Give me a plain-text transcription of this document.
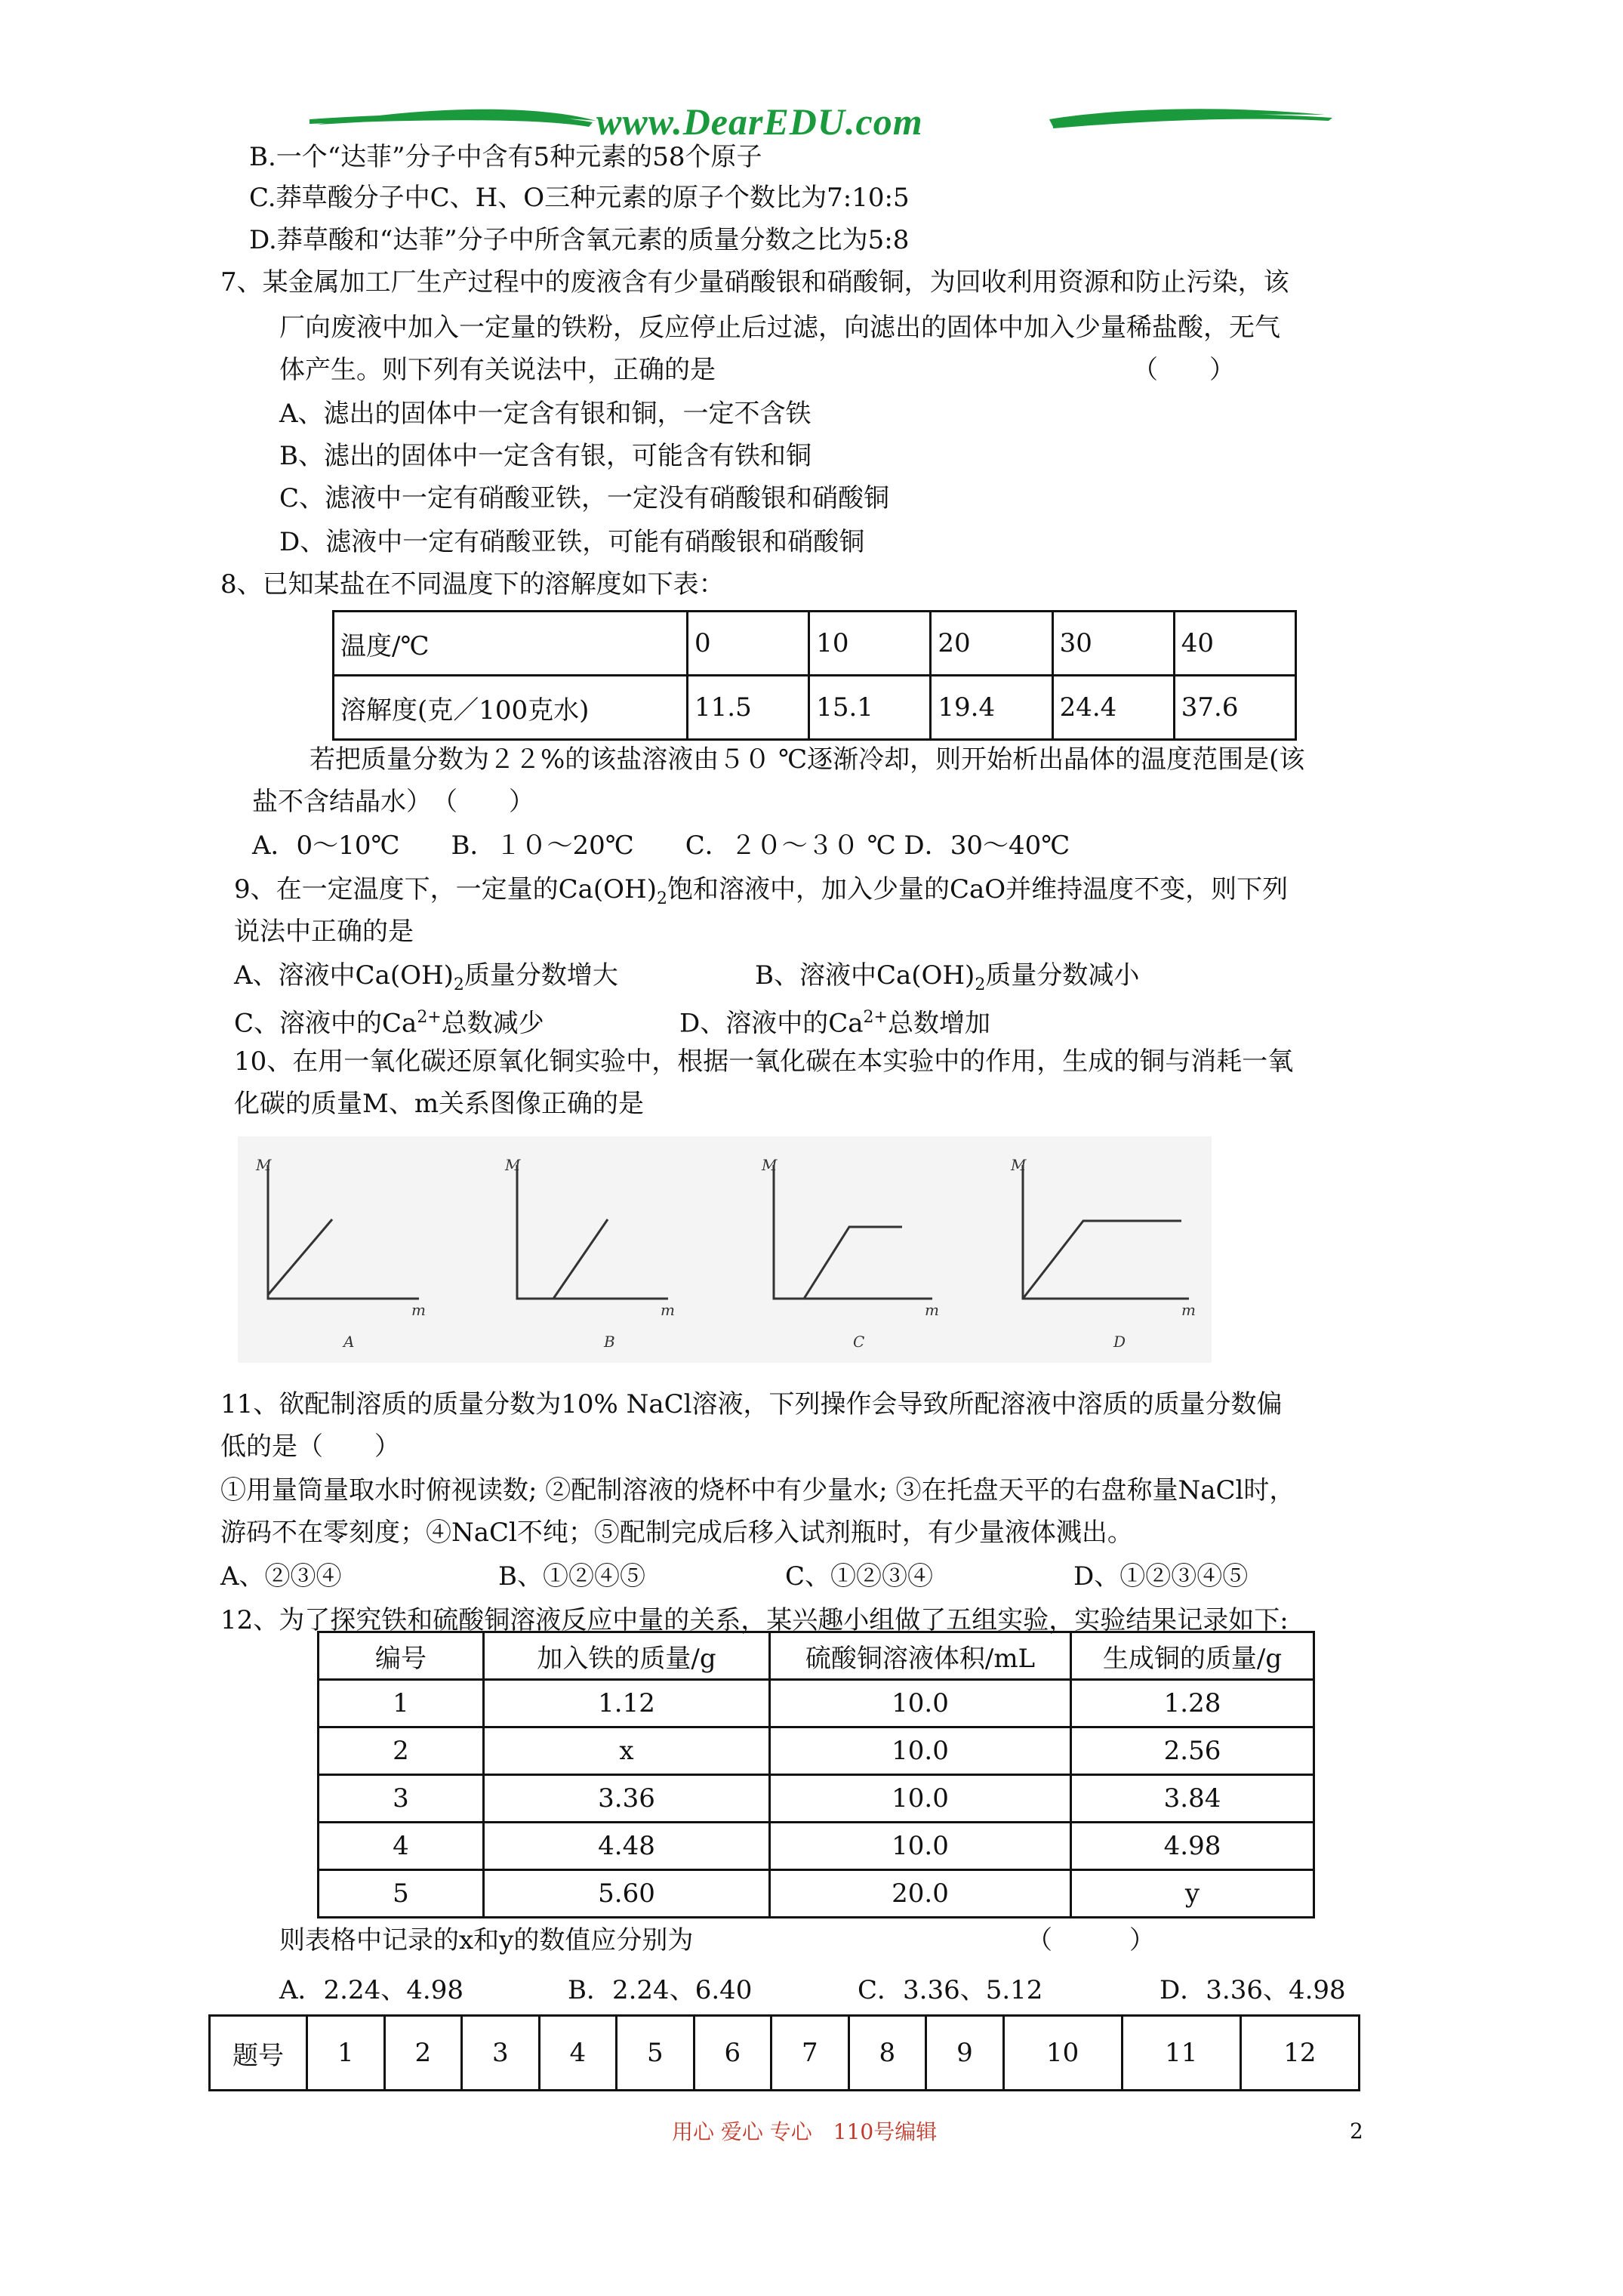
www.DearEDU.com
B.一个“达菲”分子中含有5种元素的58个原子
C.莽草酸分子中C、H、O三种元素的原子个数比为7:10:5
D.莽草酸和“达菲”分子中所含氧元素的质量分数之比为5:8
7、某金属加工厂生产过程中的废液含有少量硝酸银和硝酸铜，为回收利用资源和防止污染，该
厂向废液中加入一定量的铁粉，反应停止后过滤，向滤出的固体中加入少量稀盐酸，无气
体产生。则下列有关说法中，正确的是	（　　）
A、滤出的固体中一定含有银和铜，一定不含铁
B、滤出的固体中一定含有银，可能含有铁和铜
C、滤液中一定有硝酸亚铁，一定没有硝酸银和硝酸铜
D、滤液中一定有硝酸亚铁，可能有硝酸银和硝酸铜
8、已知某盐在不同温度下的溶解度如下表：
温度/℃	0	10	20	30	40
溶解度(克／100克水)	11.5	15.1	19.4	24.4	37.6
若把质量分数为２２%的该盐溶液由５０ ℃逐渐冷却，则开始析出晶体的温度范围是(该
盐不含结晶水）　（　　）
A．0～10℃　　B．１０～20℃　　C．２０～３０ ℃ D．30～40℃
9、在一定温度下，一定量的$Ca(OH)_2$饱和溶液中，加入少量的CaO并维持温度不变，则下列
说法中正确的是
A、溶液中$Ca(OH)_2$质量分数增大	B、溶液中$Ca(OH)_2$质量分数减小
C、溶液中的$Ca^{2+}$总数减少	D、溶液中的$Ca^{2+}$总数增加
10、在用一氧化碳还原氧化铜实验中，根据一氧化碳在本实验中的作用，生成的铜与消耗一氧
化碳的质量M、m关系图像正确的是
M
m
A
M
m
B
M
m
C
M
m
D
11、欲配制溶质的质量分数为10% NaCl溶液，下列操作会导致所配溶液中溶质的质量分数偏
低的是（　　）
①用量筒量取水时俯视读数; ②配制溶液的烧杯中有少量水; ③在托盘天平的右盘称量NaCl时，
游码不在零刻度；④NaCl不纯；⑤配制完成后移入试剂瓶时，有少量液体溅出。
A、②③④	B、①②④⑤	C、①②③④	D、①②③④⑤
12、为了探究铁和硫酸铜溶液反应中量的关系，某兴趣小组做了五组实验，实验结果记录如下:
编号	加入铁的质量/g	硫酸铜溶液体积/mL	生成铜的质量/g
1	1.12	10.0	1.28
2	x	10.0	2.56
3	3.36	10.0	3.84
4	4.48	10.0	4.98
5	5.60	20.0	y
则表格中记录的x和y的数值应分别为	（　　　）
A．2.24、4.98	B．2.24、6.40	C．3.36、5.12	D．3.36、4.98
题号	1	2	3	4	5	6	7	8	9	10	11	12
用心 爱心 专心　110号编辑	2
